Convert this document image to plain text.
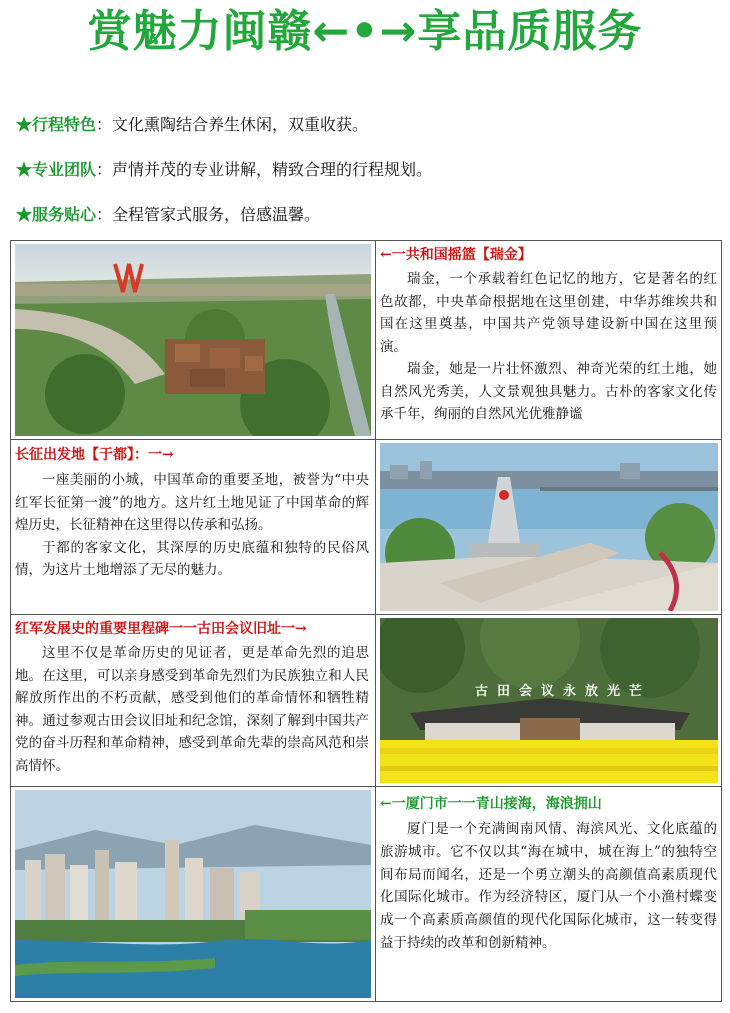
赏魅力闽赣←•→享品质服务
★行程特色：文化熏陶结合养生休闲，双重收获。
★专业团队：声情并茂的专业讲解，精致合理的行程规划。
★服务贴心：全程管家式服务，倍感温馨。
←一共和国摇篮【瑞金】

瑞金，一个承载着红色记忆的地方，它是著名的红色故都，中央革命根据地在这里创建，中华苏维埃共和国在这里奠基，中国共产党领导建设新中国在这里预演。

瑞金，她是一片壮怀激烈、神奇光荣的红土地，她自然风光秀美，人文景观独具魅力。古朴的客家文化传承千年，绚丽的自然风光优雅静谧

长征出发地【于都】：一→

一座美丽的小城，中国革命的重要圣地，被誉为“中央红军长征第一渡”的地方。这片红土地见证了中国革命的辉煌历史，长征精神在这里得以传承和弘扬。

于都的客家文化，其深厚的历史底蕴和独特的民俗风情，为这片土地增添了无尽的魅力。

红军发展史的重要里程碑一一古田会议旧址一→

这里不仅是革命历史的见证者，更是革命先烈的追思地。在这里，可以亲身感受到革命先烈们为民族独立和人民解放所作出的不朽贡献，感受到他们的革命情怀和牺牲精神。通过参观古田会议旧址和纪念馆，深刻了解到中国共产党的奋斗历程和革命精神，感受到革命先辈的崇高风范和崇高情怀。

古田会议永放光芒
←一厦门市一一青山接海，海浪拥山

厦门是一个充满闽南风情、海滨风光、文化底蕴的旅游城市。它不仅以其“海在城中，城在海上”的独特空间布局而闻名，还是一个勇立潮头的高颜值高素质现代化国际化城市。作为经济特区，厦门从一个小渔村蝶变成一个高素质高颜值的现代化国际化城市，这一转变得益于持续的改革和创新精神。
